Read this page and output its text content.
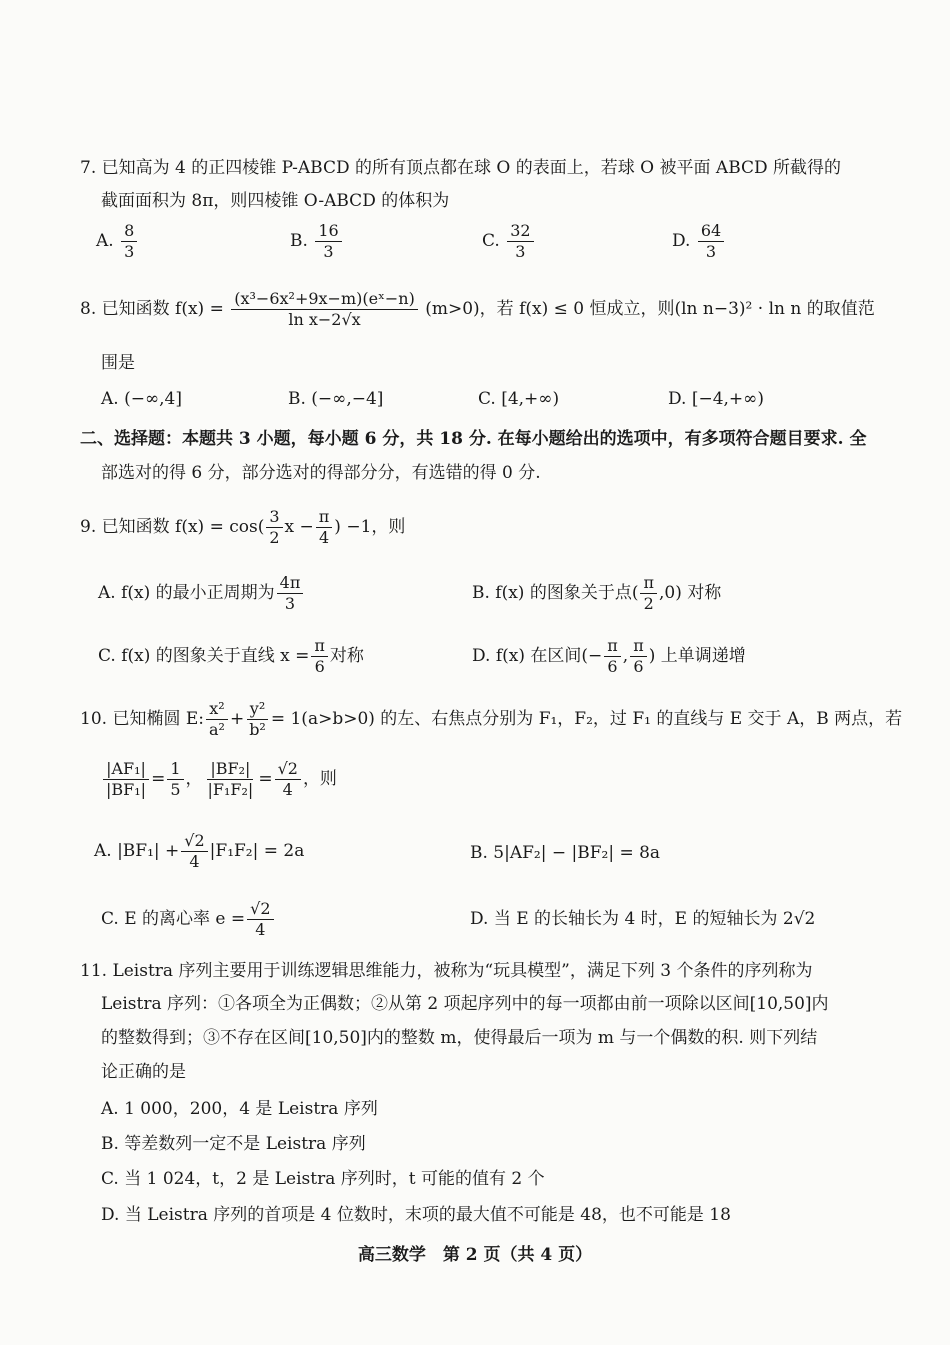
7. 已知高为 4 的正四棱锥 P-ABCD 的所有顶点都在球 O 的表面上，若球 O 被平面 ABCD 所截得的
截面面积为 8π，则四棱锥 O-ABCD 的体积为
A. $\frac{8}{3}$	B. $\frac{16}{3}$	C. $\frac{32}{3}$	D. $\frac{64}{3}$
8. 已知函数 $f(x) = \frac{\text{(x³−6x²+9x−m)(eˣ−n)}}{\text{ln x−2√x}} (m>0)$，若 f(x) ≤ 0 恒成立，则(ln n−3)² · ln n 的取值范
围是
A. (−∞,4]	B. (−∞,−4]	C. [4,+∞)	D. [−4,+∞)
二、选择题：本题共 3 小题，每小题 6 分，共 18 分. 在每小题给出的选项中，有多项符合题目要求. 全
部选对的得 6 分，部分选对的得部分分，有选错的得 0 分.
9. 已知函数 $f(x) = \cos( \frac{3}{2}$ $x - \frac{\pi}{4}$ ) −1，则
A. f(x) 的最小正周期为 $\frac{4\pi}{3}$	B. f(x) 的图象关于点( $\frac{\pi}{2} ,0$) 对称
C. f(x) 的图象关于直线 $x = \frac{\pi}{6}$ 对称	D. f(x) 在区间(− $\frac{\pi}{6}$ , $\frac{\pi}{6}$ ) 上单调递增
10. 已知椭圆 E: $\frac{\text{x²}}{\text{a²}} + \frac{\text{y²}}{\text{b²}} = 1(a>b>0)$ 的左、右焦点分别为 F₁，F₂，过 F₁ 的直线与 E 交于 A，B 两点，若
$\frac{\text{|AF₁|}}{\text{|BF₁|}} = \frac{1}{5}$ ， $\frac{\text{|BF₂|}}{\text{|F₁F₂|}} = \frac{√2}{4}$ ，则
A. $|BF_1| + \frac{√2}{4} |F_1F_2| = 2a$	B. 5|AF₂| − |BF₂| = 8a
C. E 的离心率 $e = \frac{√2}{4}$	D. 当 E 的长轴长为 4 时，E 的短轴长为 2√2
11. Leistra 序列主要用于训练逻辑思维能力，被称为“玩具模型”，满足下列 3 个条件的序列称为
Leistra 序列：①各项全为正偶数；②从第 2 项起序列中的每一项都由前一项除以区间[10,50]内
的整数得到；③不存在区间[10,50]内的整数 m，使得最后一项为 m 与一个偶数的积. 则下列结
论正确的是
A. 1 000，200，4 是 Leistra 序列
B. 等差数列一定不是 Leistra 序列
C. 当 1 024，t，2 是 Leistra 序列时，t 可能的值有 2 个
D. 当 Leistra 序列的首项是 4 位数时，末项的最大值不可能是 48，也不可能是 18
高三数学　第 2 页（共 4 页）
